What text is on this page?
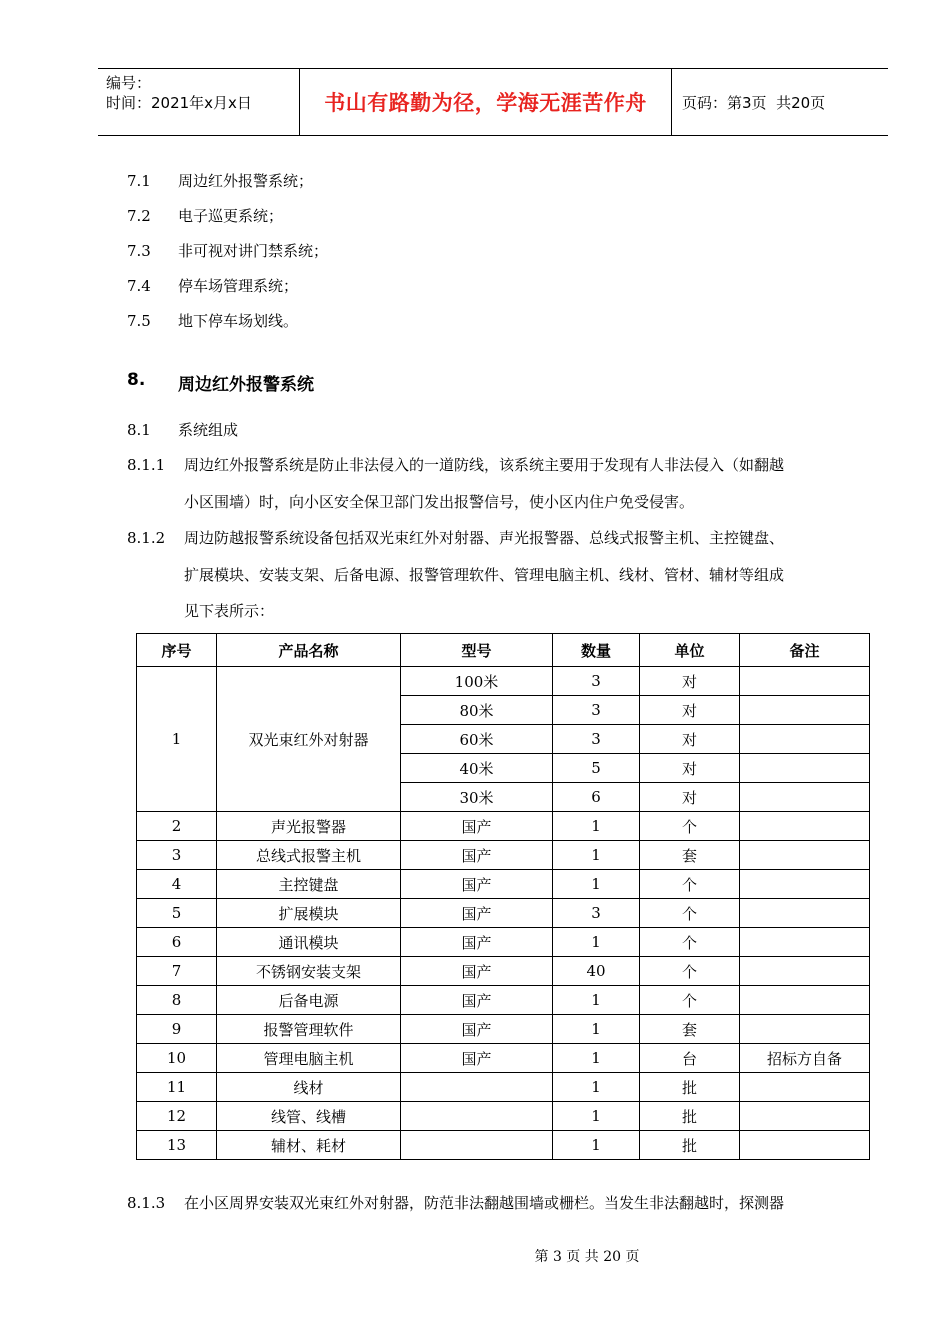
编号：
时间：2021年x月x日	书山有路勤为径，学海无涯苦作舟	页码：第3页  共20页
7.1 周边红外报警系统；
7.2 电子巡更系统；
7.3 非可视对讲门禁系统；
7.4 停车场管理系统；
7.5 地下停车场划线。
8. 周边红外报警系统
8.1 系统组成
8.1.1 周边红外报警系统是防止非法侵入的一道防线，该系统主要用于发现有人非法侵入（如翻越
小区围墙）时，向小区安全保卫部门发出报警信号，使小区内住户免受侵害。
8.1.2 周边防越报警系统设备包括双光束红外对射器、声光报警器、总线式报警主机、主控键盘、
扩展模块、安装支架、后备电源、报警管理软件、管理电脑主机、线材、管材、辅材等组成
见下表所示：
序号	产品名称	型号	数量	单位	备注
1	双光束红外对射器	100米	3	对	
		80米	3	对	
		60米	3	对	
		40米	5	对	
		30米	6	对	
2	声光报警器	国产	1	个	
3	总线式报警主机	国产	1	套	
4	主控键盘	国产	1	个	
5	扩展模块	国产	3	个	
6	通讯模块	国产	1	个	
7	不锈钢安装支架	国产	40	个	
8	后备电源	国产	1	个	
9	报警管理软件	国产	1	套	
10	管理电脑主机	国产	1	台	招标方自备
11	线材		1	批	
12	线管、线槽		1	批	
13	辅材、耗材		1	批	
8.1.3 在小区周界安装双光束红外对射器，防范非法翻越围墙或栅栏。当发生非法翻越时，探测器
第 3 页 共 20 页
